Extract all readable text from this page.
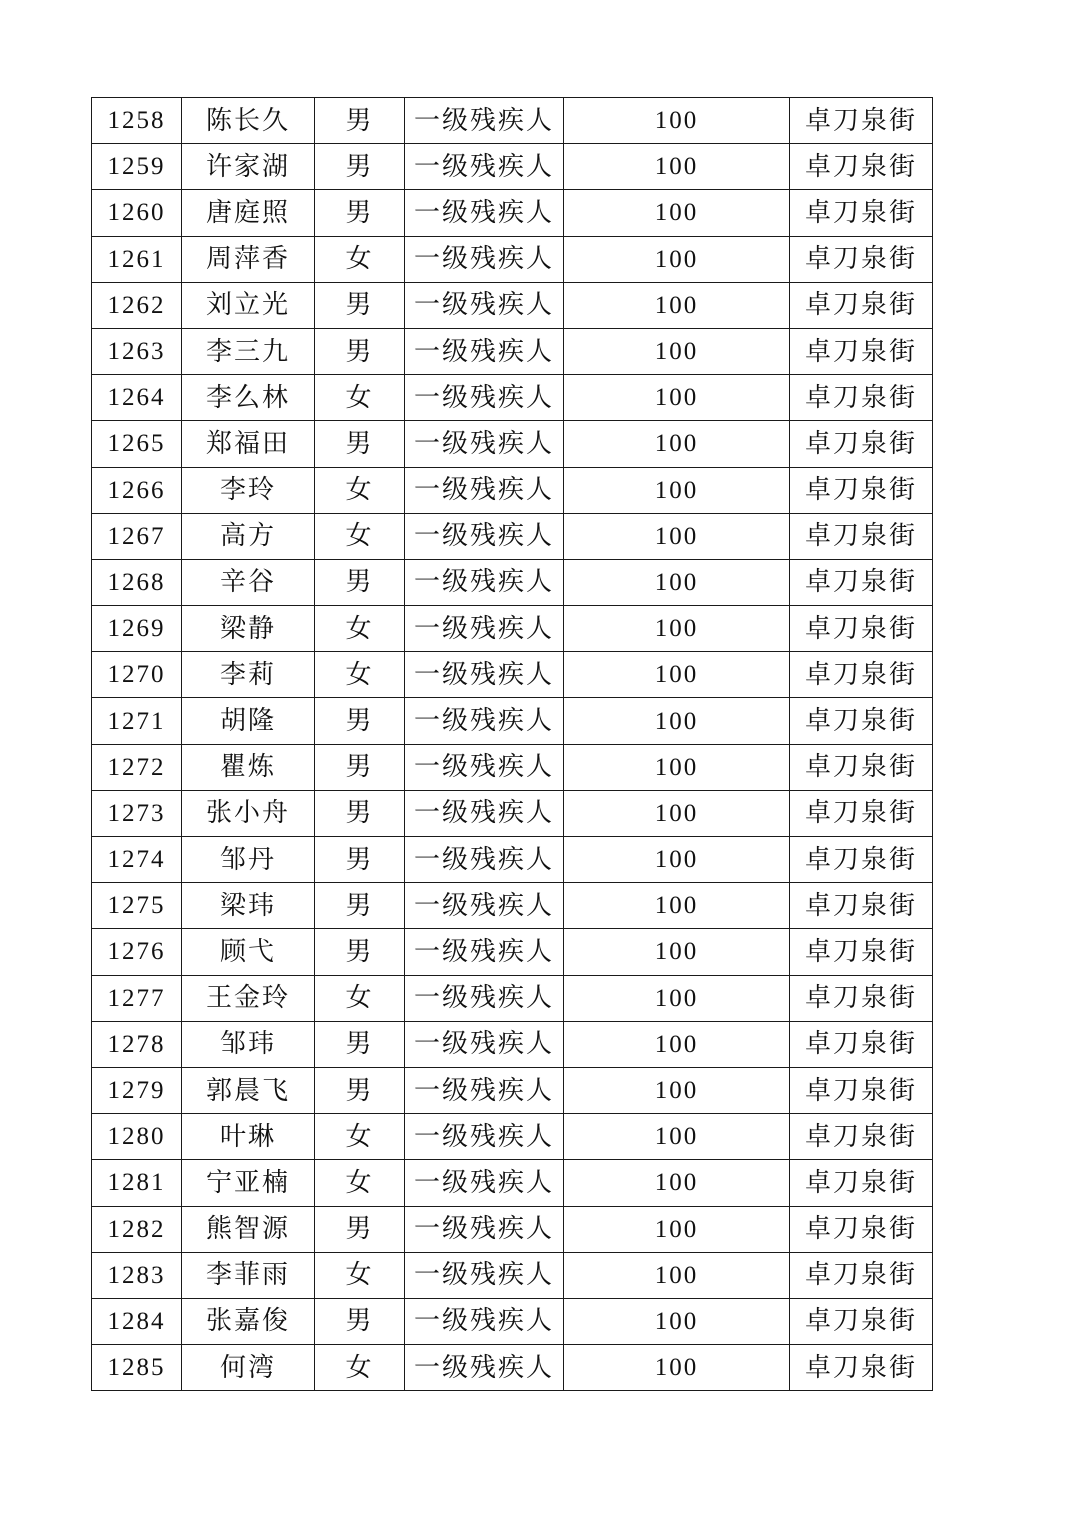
1258	陈长久	男	一级残疾人	100	卓刀泉街
1259	许家湖	男	一级残疾人	100	卓刀泉街
1260	唐庭照	男	一级残疾人	100	卓刀泉街
1261	周萍香	女	一级残疾人	100	卓刀泉街
1262	刘立光	男	一级残疾人	100	卓刀泉街
1263	李三九	男	一级残疾人	100	卓刀泉街
1264	李么林	女	一级残疾人	100	卓刀泉街
1265	郑福田	男	一级残疾人	100	卓刀泉街
1266	李玲	女	一级残疾人	100	卓刀泉街
1267	高方	女	一级残疾人	100	卓刀泉街
1268	辛谷	男	一级残疾人	100	卓刀泉街
1269	梁静	女	一级残疾人	100	卓刀泉街
1270	李莉	女	一级残疾人	100	卓刀泉街
1271	胡隆	男	一级残疾人	100	卓刀泉街
1272	瞿炼	男	一级残疾人	100	卓刀泉街
1273	张小舟	男	一级残疾人	100	卓刀泉街
1274	邹丹	男	一级残疾人	100	卓刀泉街
1275	梁玮	男	一级残疾人	100	卓刀泉街
1276	顾弋	男	一级残疾人	100	卓刀泉街
1277	王金玲	女	一级残疾人	100	卓刀泉街
1278	邹玮	男	一级残疾人	100	卓刀泉街
1279	郭晨飞	男	一级残疾人	100	卓刀泉街
1280	叶琳	女	一级残疾人	100	卓刀泉街
1281	宁亚楠	女	一级残疾人	100	卓刀泉街
1282	熊智源	男	一级残疾人	100	卓刀泉街
1283	李菲雨	女	一级残疾人	100	卓刀泉街
1284	张嘉俊	男	一级残疾人	100	卓刀泉街
1285	何湾	女	一级残疾人	100	卓刀泉街
